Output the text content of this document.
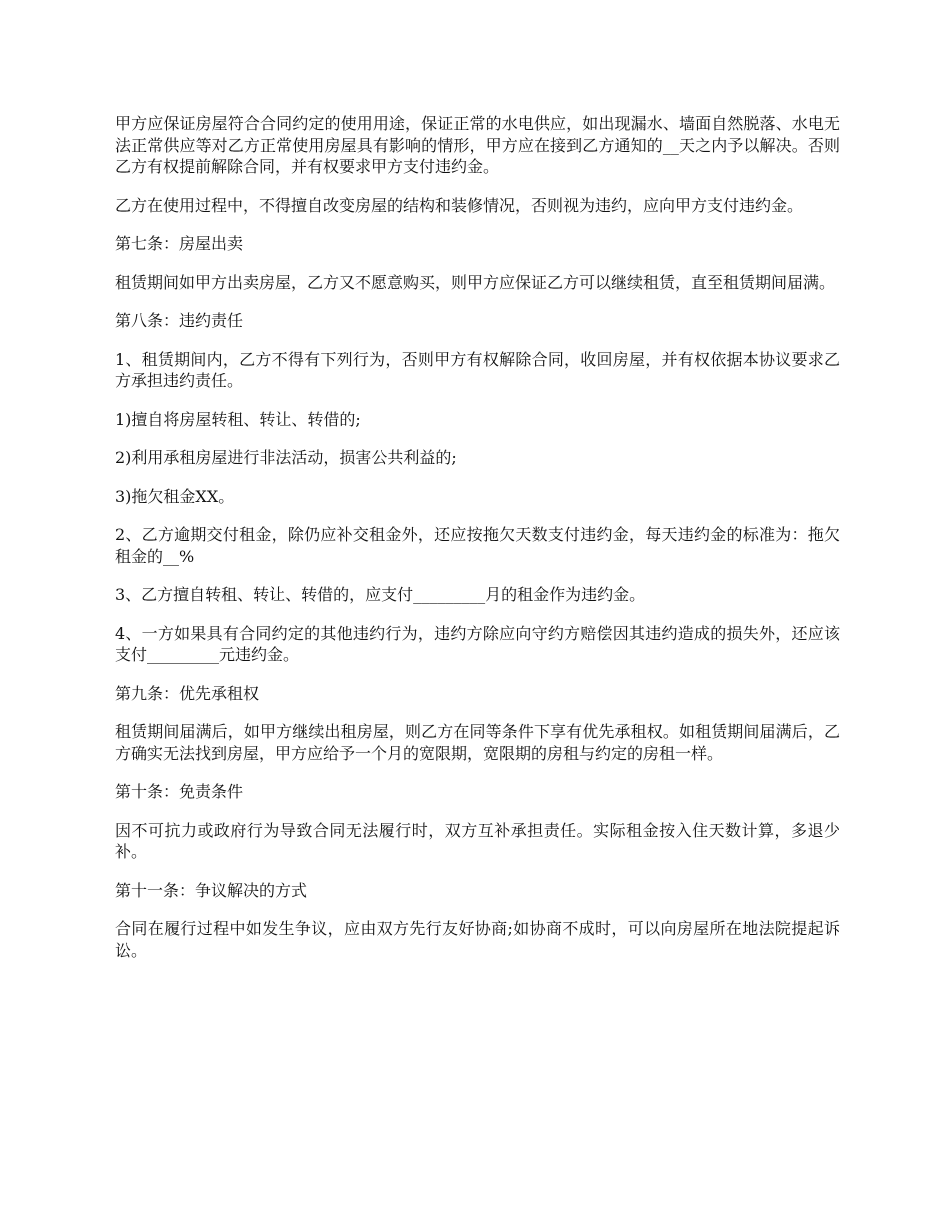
甲方应保证房屋符合合同约定的使用用途，保证正常的水电供应，如出现漏水、墙面自然脱落、水电无法正常供应等对乙方正常使用房屋具有影响的情形，甲方应在接到乙方通知的__天之内予以解决。否则乙方有权提前解除合同，并有权要求甲方支付违约金。

乙方在使用过程中，不得擅自改变房屋的结构和装修情况，否则视为违约，应向甲方支付违约金。

第七条：房屋出卖

租赁期间如甲方出卖房屋，乙方又不愿意购买，则甲方应保证乙方可以继续租赁，直至租赁期间届满。

第八条：违约责任

1、租赁期间内，乙方不得有下列行为，否则甲方有权解除合同，收回房屋，并有权依据本协议要求乙方承担违约责任。

1)擅自将房屋转租、转让、转借的;

2)利用承租房屋进行非法活动，损害公共利益的;

3)拖欠租金XX。

2、乙方逾期交付租金，除仍应补交租金外，还应按拖欠天数支付违约金，每天违约金的标准为：拖欠租金的__%

3、乙方擅自转租、转让、转借的，应支付_________月的租金作为违约金。

4、一方如果具有合同约定的其他违约行为，违约方除应向守约方赔偿因其违约造成的损失外，还应该支付_________元违约金。

第九条：优先承租权

租赁期间届满后，如甲方继续出租房屋，则乙方在同等条件下享有优先承租权。如租赁期间届满后，乙方确实无法找到房屋，甲方应给予一个月的宽限期，宽限期的房租与约定的房租一样。

第十条：免责条件

因不可抗力或政府行为导致合同无法履行时，双方互补承担责任。实际租金按入住天数计算，多退少补。

第十一条：争议解决的方式

合同在履行过程中如发生争议，应由双方先行友好协商;如协商不成时，可以向房屋所在地法院提起诉讼。
